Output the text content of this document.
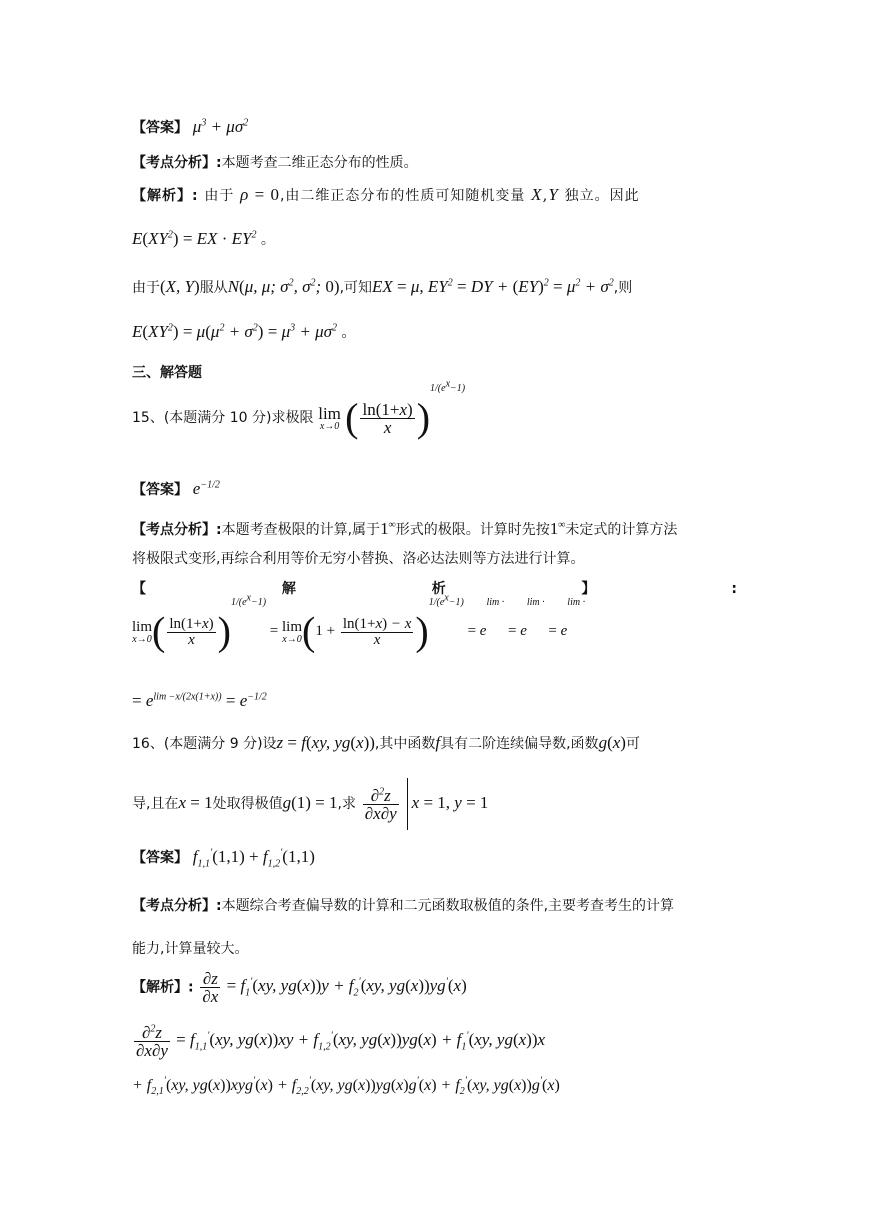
【答案】 $\mu^3 + \mu\sigma^2$
【考点分析】:本题考查二维正态分布的性质。
【解析】: 由于 ρ = 0,由二维正态分布的性质可知随机变量 X,Y 独立。因此
$E(XY^2)$ = EX · $EY^2$ 。
由于(X, Y)服从N(μ, μ; $\sigma^2$, $\sigma^2$; 0),可知EX = μ, $EY^2$ = DY + $(EY)^2 = \mu^2 + \sigma^2$,则
$E(XY^2) = \mu(\mu^2 + \sigma^2) = \mu^3 + \mu\sigma^2$ 。
三、解答题
15、(本题满分 10 分)求极限 lim
x→0 ( $\frac{\ln(1+x)}{x} )1/(e^x-1)$
【答案】 $e^{-1/2}$
【考点分析】:本题考查极限的计算,属于1∞形式的极限。计算时先按1∞未定式的计算方法
将极限式变形,再综合利用等价无穷小替换、洛必达法则等方法进行计算。
【	解	析	】	:
lim
x→0 ( $\frac{\ln(1+x)}{x} )1/(e^x-1) = \lim$
x→0 $(1 + \frac{\ln(1+x) - x}{x} )1/(e^x-1) = elim$ · = elim · = elim ·
= $e^{lim -x/(2x(1+x))} = e^{-1/2}$
16、(本题满分 9 分)设z = f(xy, yg(x)),其中函数f具有二阶连续偏导数,函数g(x)可
导,且在x = 1处取得极值g(1) = 1,求 $\frac{\partial^2z}{\partial x\partial y}$ x = 1, y = 1
【答案】 $f_{1,1}'(1,1) + f_{1,2}'(1,1)$
【考点分析】:本题综合考查偏导数的计算和二元函数取极值的条件,主要考查考生的计算
能力,计算量较大。
【解析】: $\frac{\partial z}{\partial x} = f_1'(xy$, $yg(x))y + f_2'(xy$, yg(x))yg′(x)
$\frac{\partial^2z}{\partial x\partial y} = f_{1,1}'(xy$, $yg(x))xy + f_{1,2}'(xy$, $yg(x))yg(x) + f_1'(xy$, yg(x))x
+ $f_{2,1}'(xy$, $yg(x))xyg'(x) + f_{2,2}'(xy$, $yg(x))yg(x)g'(x) + f_2'(xy$, yg(x))g′(x)
